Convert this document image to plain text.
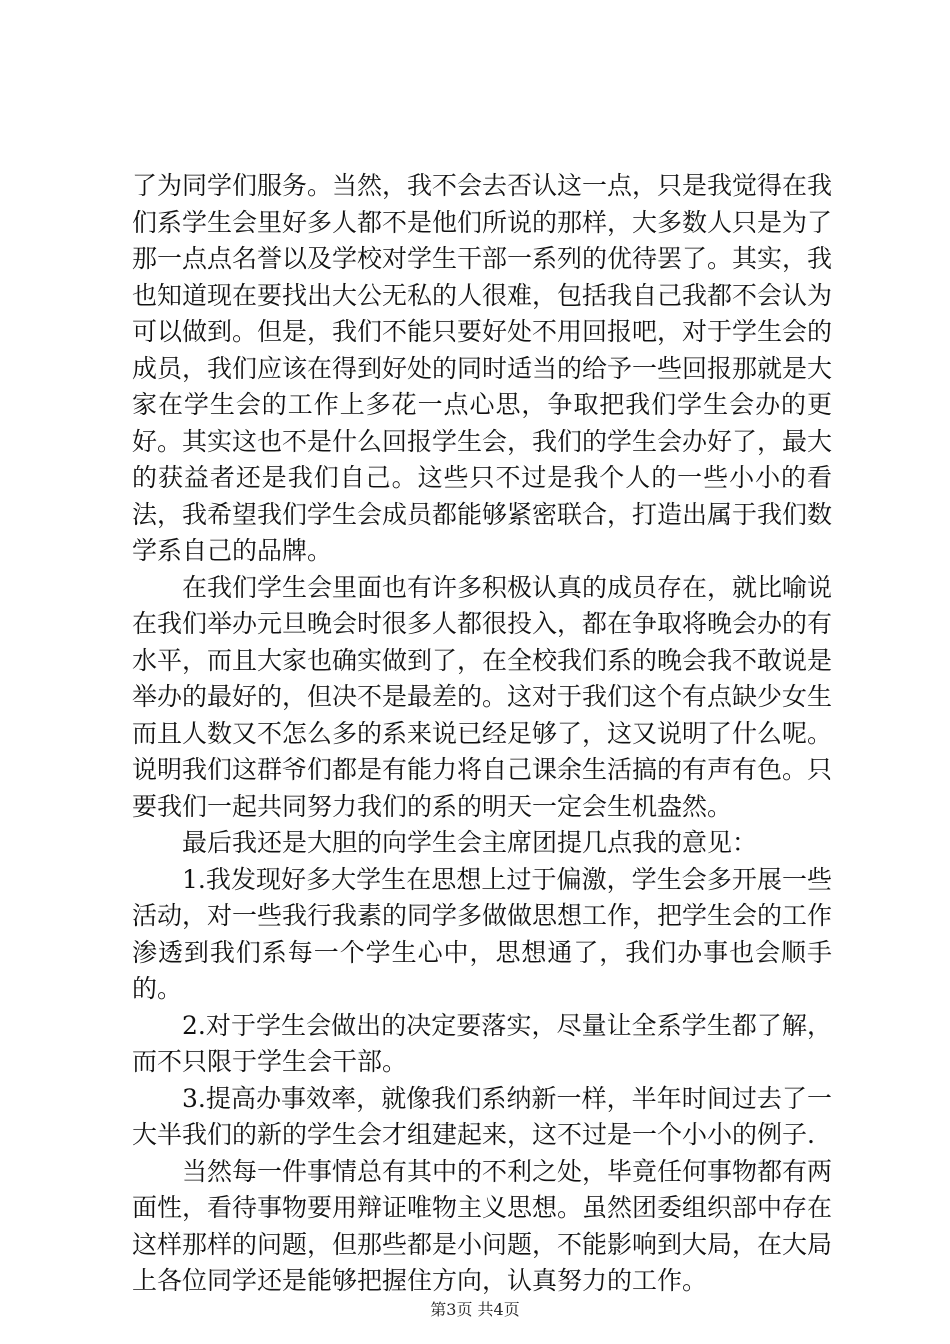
了为同学们服务。当然，我不会去否认这一点，只是我觉得在我们系学生会里好多人都不是他们所说的那样，大多数人只是为了那一点点名誉以及学校对学生干部一系列的优待罢了。其实，我也知道现在要找出大公无私的人很难，包括我自己我都不会认为可以做到。但是，我们不能只要好处不用回报吧，对于学生会的成员，我们应该在得到好处的同时适当的给予一些回报那就是大家在学生会的工作上多花一点心思，争取把我们学生会办的更好。其实这也不是什么回报学生会，我们的学生会办好了，最大的获益者还是我们自己。这些只不过是我个人的一些小小的看法，我希望我们学生会成员都能够紧密联合，打造出属于我们数学系自己的品牌。

在我们学生会里面也有许多积极认真的成员存在，就比喻说在我们举办元旦晚会时很多人都很投入，都在争取将晚会办的有水平，而且大家也确实做到了，在全校我们系的晚会我不敢说是举办的最好的，但决不是最差的。这对于我们这个有点缺少女生而且人数又不怎么多的系来说已经足够了，这又说明了什么呢。说明我们这群爷们都是有能力将自己课余生活搞的有声有色。只要我们一起共同努力我们的系的明天一定会生机盎然。

最后我还是大胆的向学生会主席团提几点我的意见：

1.我发现好多大学生在思想上过于偏激，学生会多开展一些活动，对一些我行我素的同学多做做思想工作，把学生会的工作渗透到我们系每一个学生心中，思想通了，我们办事也会顺手的。

2.对于学生会做出的决定要落实，尽量让全系学生都了解，而不只限于学生会干部。

3.提高办事效率，就像我们系纳新一样，半年时间过去了一大半我们的新的学生会才组建起来，这不过是一个小小的例子.

当然每一件事情总有其中的不利之处，毕竟任何事物都有两面性，看待事物要用辩证唯物主义思想。虽然团委组织部中存在这样那样的问题，但那些都是小问题，不能影响到大局，在大局上各位同学还是能够把握住方向，认真努力的工作。

第3页 共4页
